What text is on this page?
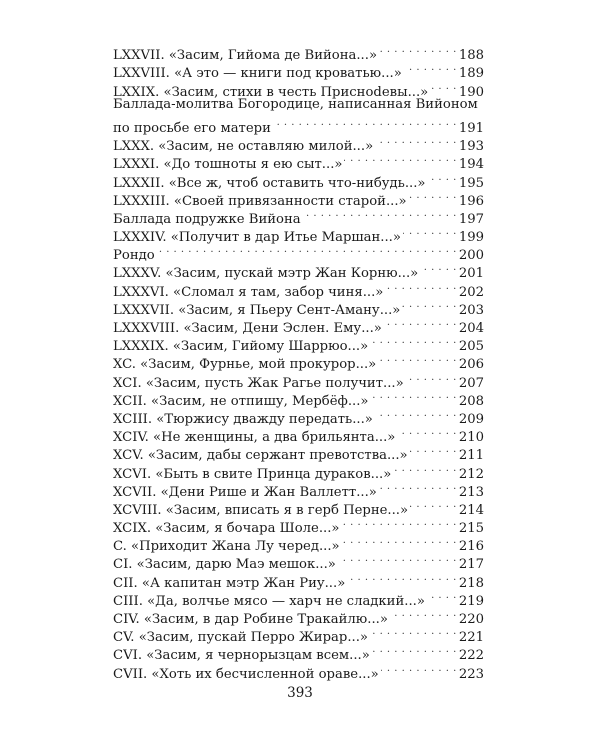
LXXVII. «Засим, Гийома де Вийона...» . . .	188
LXXVIII. «А это — книги под кроватью...» . . .	189
LXXIX. «Засим, стихи в честь Присноdевы...» . . . 190
Баллада-молитва Богородице, написанная Вийоном
по просьбе его матери . . .	191
LXXX. «Засим, не оставляю милой...» . . .	193
LXXXI. «До тошноты я ею сыт...» . . .	194
LXXXII. «Все ж, чтоб оставить что-нибудь...» . . .	195
LXXXIII. «Своей привязанности старой...» . . .	196
Баллада подружке Вийона . . .	197
LXXXIV. «Получит в дар Итье Маршан...» . . .	199
Рондо . . .	200
LXXXV. «Засим, пускай мэтр Жан Корню...» . . .	201
LXXXVI. «Сломал я там, забор чиня...» . . .	202
LXXXVII. «Засим, я Пьеру Сент-Аману...» . . .	203
LXXXVIII. «Засим, Дени Эслен. Ему...» . . .	204
LXXXIX. «Засим, Гийому Шаррюо...» . . .	205
XC. «Засим, Фурнье, мой прокурор...» . . .	206
XCI. «Засим, пусть Жак Рагье получит...» . . .	207
XCII. «Засим, не отпишу, Мербёф...» . . .	208
XCIII. «Тюржису дважду передать...» . . .	209
XCIV. «Не женщины, а два брильянта...» . . .	210
XCV. «Засим, дабы сержант превотства...» . . .	211
XCVI. «Быть в свите Принца дураков...» . . .	212
XCVII. «Дени Рише и Жан Валлетт...» . . .	213
XCVIII. «Засим, вписать я в герб Перне...» . . .	214
XCIX. «Засим, я бочара Шоле...» . . .	215
C. «Приходит Жана Лу черед...» . . .	216
CI. «Засим, дарю Маэ мешок...» . . .	217
CII. «А капитан мэтр Жан Риу...» . . .	218
CIII. «Да, волчье мясо — харч не сладкий...» . . .	219
CIV. «Засим, в дар Робине Тракайлю...» . . .	220
CV. «Засим, пускай Перро Жирар...» . . .	221
CVI. «Засим, я чернорызцам всем...» . . .	222
CVII. «Хоть их бесчисленной ораве...» . . .	223
393
